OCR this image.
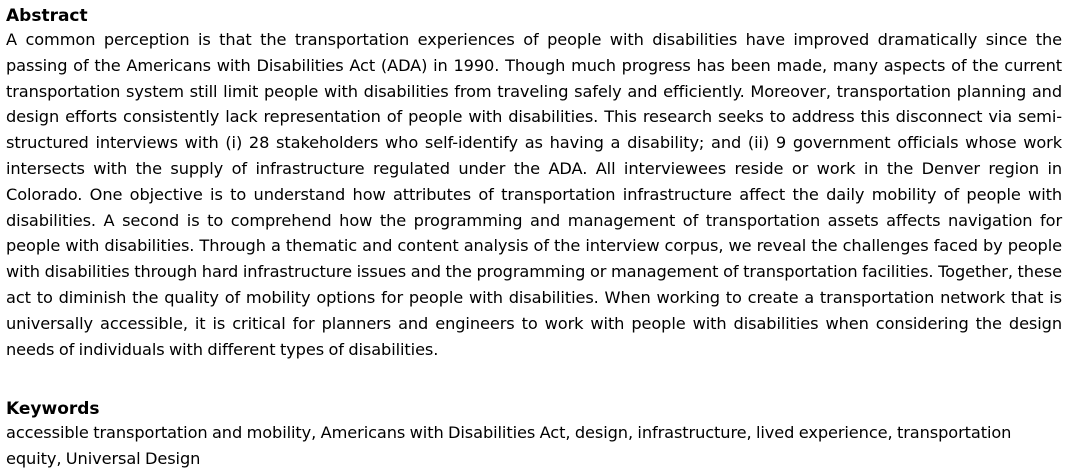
Abstract

A common perception is that the transportation experiences of people with disabilities have improved dramatically since the passing of the Americans with Disabilities Act (ADA) in 1990. Though much progress has been made, many aspects of the current transportation system still limit people with disabilities from traveling safely and efficiently. Moreover, transportation planning and design efforts consistently lack representation of people with disabilities. This research seeks to address this disconnect via semi-structured interviews with (i) 28 stakeholders who self-identify as having a disability; and (ii) 9 government officials whose work intersects with the supply of infrastructure regulated under the ADA. All interviewees reside or work in the Denver region in Colorado. One objective is to understand how attributes of transportation infrastructure affect the daily mobility of people with disabilities. A second is to comprehend how the programming and management of transportation assets affects navigation for people with disabilities. Through a thematic and content analysis of the interview corpus, we reveal the challenges faced by people with disabilities through hard infrastructure issues and the programming or management of transportation facilities. Together, these act to diminish the quality of mobility options for people with disabilities. When working to create a transportation network that is universally accessible, it is critical for planners and engineers to work with people with disabilities when considering the design needs of individuals with different types of disabilities.

Keywords

accessible transportation and mobility, Americans with Disabilities Act, design, infrastructure, lived experience, transportation equity, Universal Design
